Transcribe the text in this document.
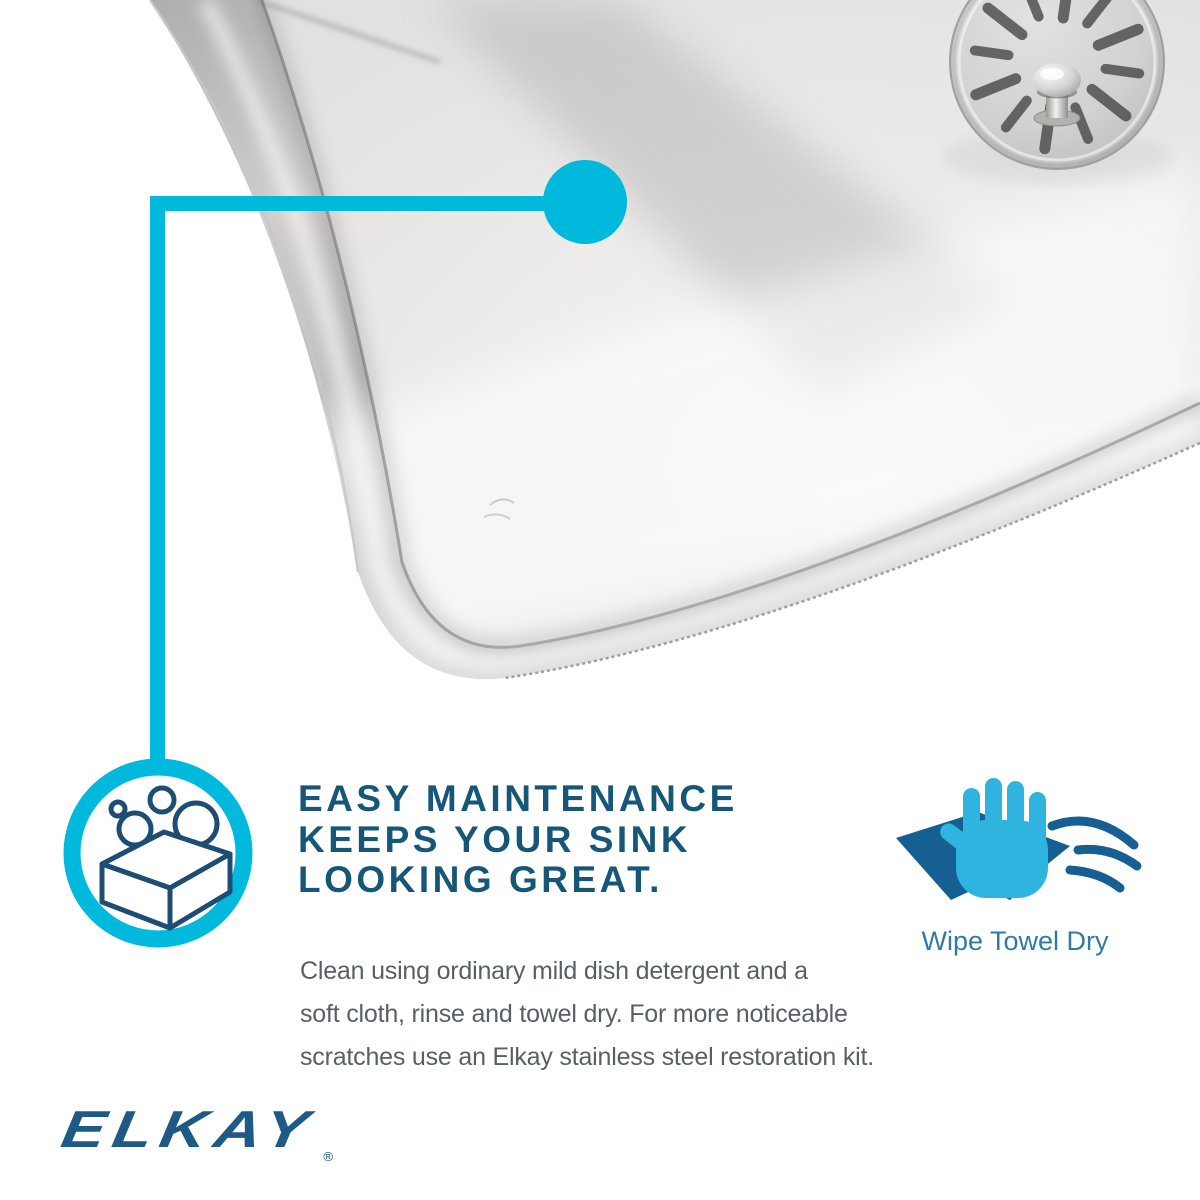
EASY MAINTENANCE
KEEPS YOUR SINK
LOOKING GREAT.
Clean using ordinary mild dish detergent and a
soft cloth, rinse and towel dry. For more noticeable
scratches use an Elkay stainless steel restoration kit.
Wipe Towel Dry
ELKAY ®
